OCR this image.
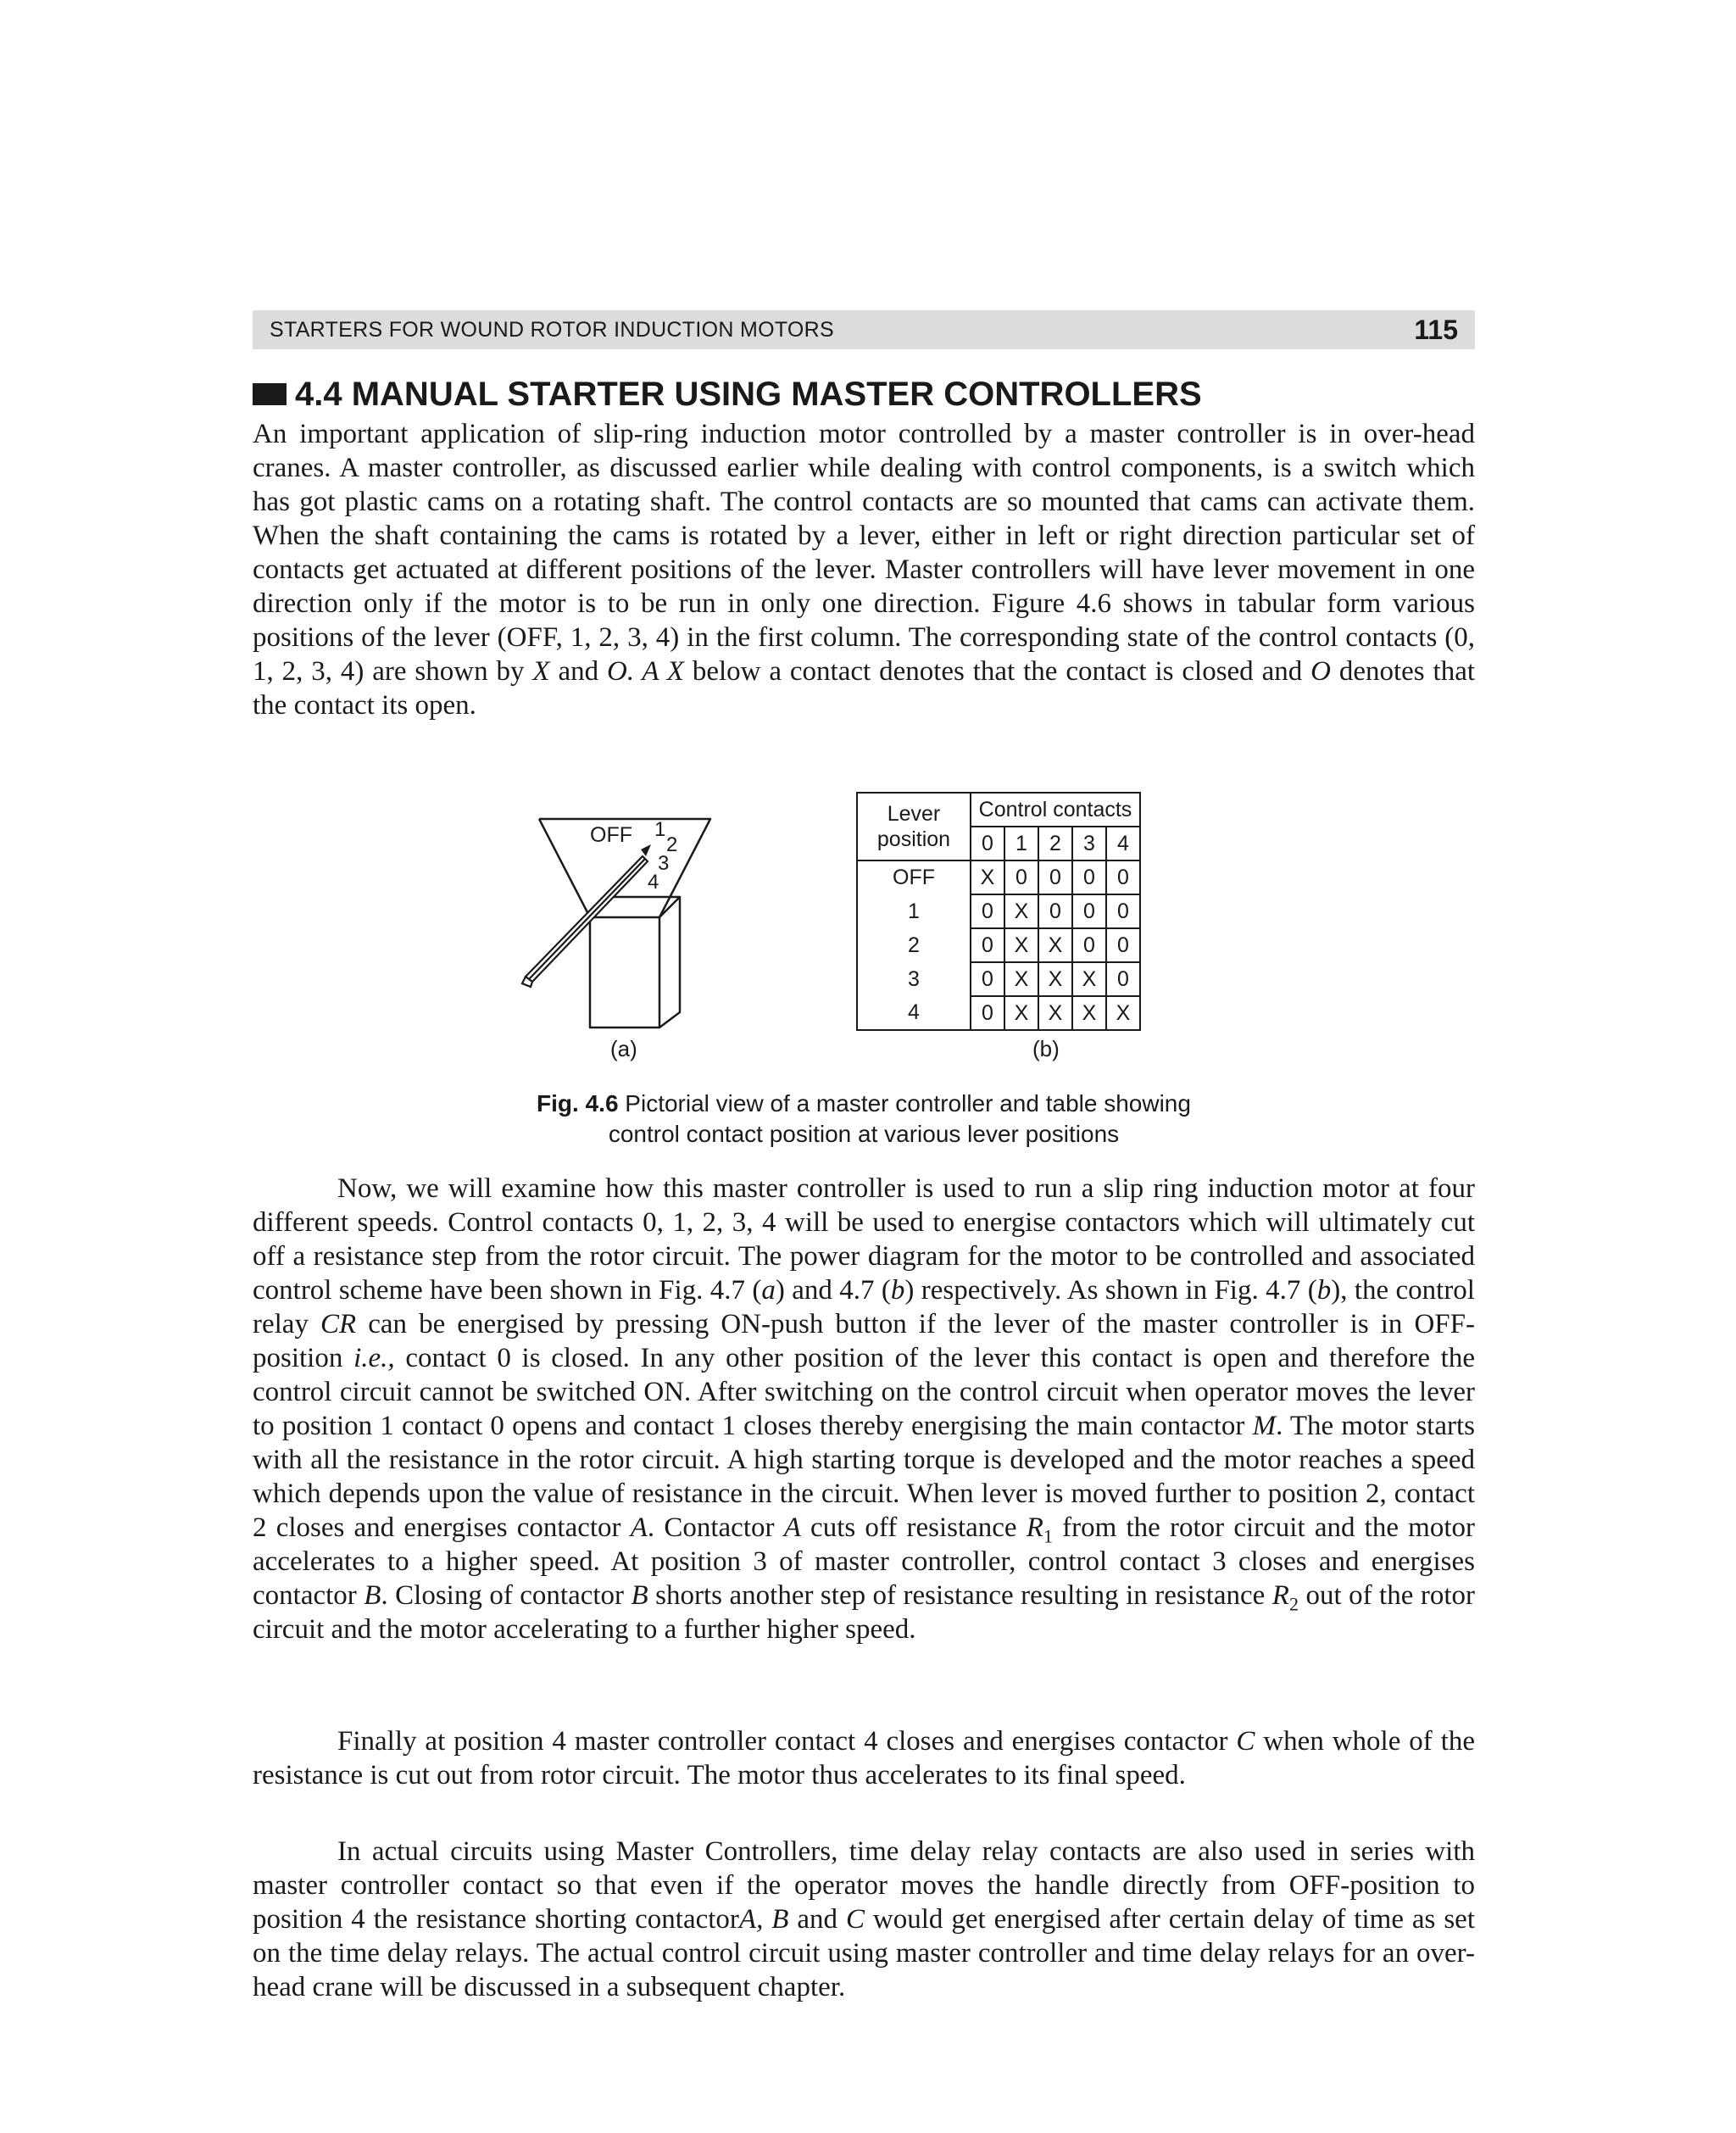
STARTERS FOR WOUND ROTOR INDUCTION MOTORS	115
4.4 MANUAL STARTER USING MASTER CONTROLLERS

An important application of slip-ring induction motor controlled by a master controller is in over-head cranes. A master controller, as discussed earlier while dealing with control components, is a switch which has got plastic cams on a rotating shaft. The control contacts are so mounted that cams can activate them. When the shaft containing the cams is rotated by a lever, either in left or right direction particular set of contacts get actuated at different positions of the lever. Master controllers will have lever movement in one direction only if the motor is to be run in only one direction. Figure 4.6 shows in tabular form various positions of the lever (OFF, 1, 2, 3, 4) in the first column. The corresponding state of the control contacts (0, 1, 2, 3, 4) are shown by X and O. A X below a contact denotes that the contact is closed and O denotes that the contact its open.

OFF 1
2
3
4
(a)
Lever position	Control contacts				
	0	1	2	3	4
OFF	X	0	0	0	0
1	0	X	0	0	0
2	0	X	X	0	0
3	0	X	X	X	0
4	0	X	X	X	X
(b)
Fig. 4.6 Pictorial view of a master controller and table showing
control contact position at various lever positions

Now, we will examine how this master controller is used to run a slip ring induction motor at four different speeds. Control contacts 0, 1, 2, 3, 4 will be used to energise contactors which will ultimately cut off a resistance step from the rotor circuit. The power diagram for the motor to be controlled and associated control scheme have been shown in Fig. 4.7 (a) and 4.7 (b) respectively. As shown in Fig. 4.7 (b), the control relay CR can be energised by pressing ON-push button if the lever of the master controller is in OFF-position i.e., contact 0 is closed. In any other position of the lever this contact is open and therefore the control circuit cannot be switched ON. After switching on the control circuit when operator moves the lever to position 1 contact 0 opens and contact 1 closes thereby energising the main contactor M. The motor starts with all the resistance in the rotor circuit. A high starting torque is developed and the motor reaches a speed which depends upon the value of resistance in the circuit. When lever is moved further to position 2, contact 2 closes and energises contactor A. Contactor A cuts off resistance $R_1$ from the rotor circuit and the motor accelerates to a higher speed. At position 3 of master controller, control contact 3 closes and energises contactor B. Closing of contactor B shorts another step of resistance resulting in resistance $R_2$ out of the rotor circuit and the motor accelerating to a further higher speed.

Finally at position 4 master controller contact 4 closes and energises contactor C when whole of the resistance is cut out from rotor circuit. The motor thus accelerates to its final speed.

In actual circuits using Master Controllers, time delay relay contacts are also used in series with master controller contact so that even if the operator moves the handle directly from OFF-position to position 4 the resistance shorting contactorA, B and C would get energised after certain delay of time as set on the time delay relays. The actual control circuit using master controller and time delay relays for an over-head crane will be discussed in a subsequent chapter.
